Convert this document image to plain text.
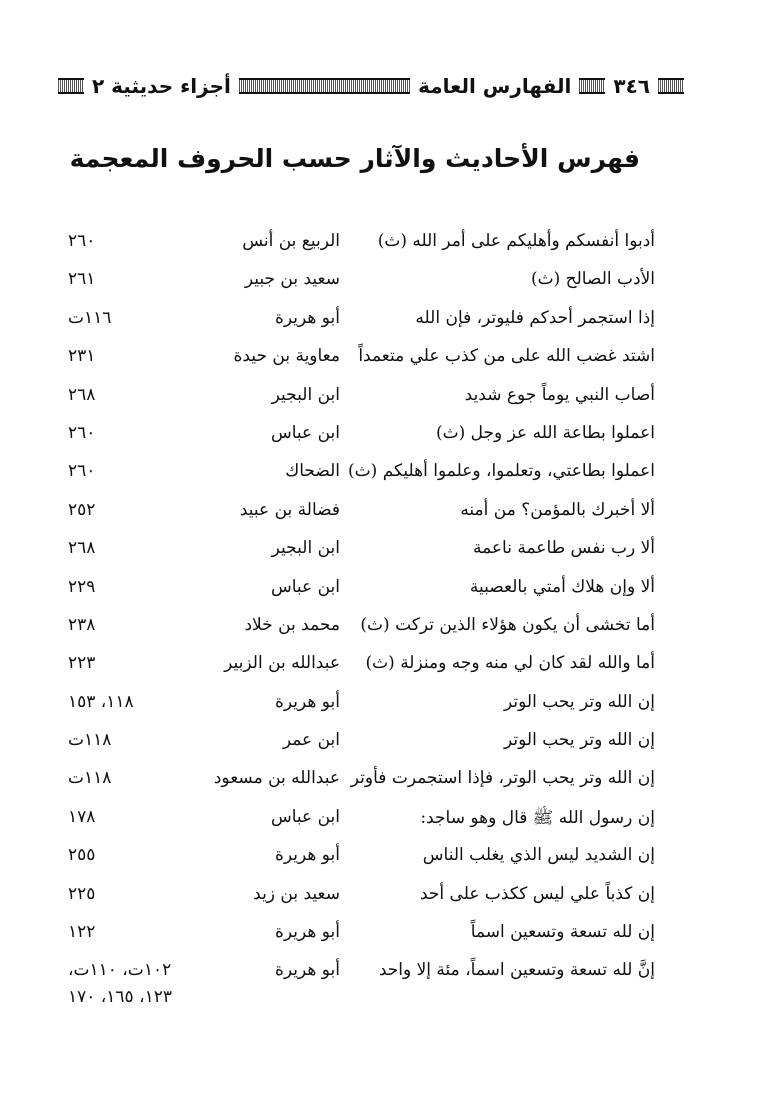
أجزاء حديثية ٢	الفهارس العامة ٣٤٦
فهرس الأحاديث والآثار حسب الحروف المعجمة
أدبوا أنفسكم وأهليكم على أمر الله (ث)
الربيع بن أنس
٢٦٠
الأدب الصالح (ث)
سعيد بن جبير
٢٦١
إذا استجمر أحدكم فليوتر، فإن الله
أبو هريرة
١١٦ت
اشتد غضب الله على من كذب علي متعمداً
معاوية بن حيدة
٢٣١
أصاب النبي يوماً جوع شديد
ابن البجير
٢٦٨
اعملوا بطاعة الله عز وجل (ث)
ابن عباس
٢٦٠
اعملوا بطاعتي، وتعلموا، وعلموا أهليكم (ث)
الضحاك
٢٦٠
ألا أخبرك بالمؤمن؟ من أمنه
فضالة بن عبيد
٢٥٢
ألا رب نفس طاعمة ناعمة
ابن البجير
٢٦٨
ألا وإن هلاك أمتي بالعصبية
ابن عباس
٢٢٩
أما تخشى أن يكون هؤلاء الذين تركت (ث)
محمد بن خلاد
٢٣٨
أما والله لقد كان لي منه وجه ومنزلة (ث)
عبدالله بن الزبير
٢٢٣
إن الله وتر يحب الوتر
أبو هريرة
١١٨، ١٥٣
إن الله وتر يحب الوتر
ابن عمر
١١٨ت
إن الله وتر يحب الوتر، فإذا استجمرت فأوتر
عبدالله بن مسعود
١١٨ت
إن رسول الله ﷺ قال وهو ساجد:
ابن عباس
١٧٨
إن الشديد ليس الذي يغلب الناس
أبو هريرة
٢٥٥
إن كذباً علي ليس ككذب على أحد
سعيد بن زيد
٢٢٥
إن لله تسعة وتسعين اسماً
أبو هريرة
١٢٢
إنَّ لله تسعة وتسعين اسماً، مئة إلا واحد
أبو هريرة
١٠٢ت، ١١٠ت،
١٢٣، ١٦٥، ١٧٠
